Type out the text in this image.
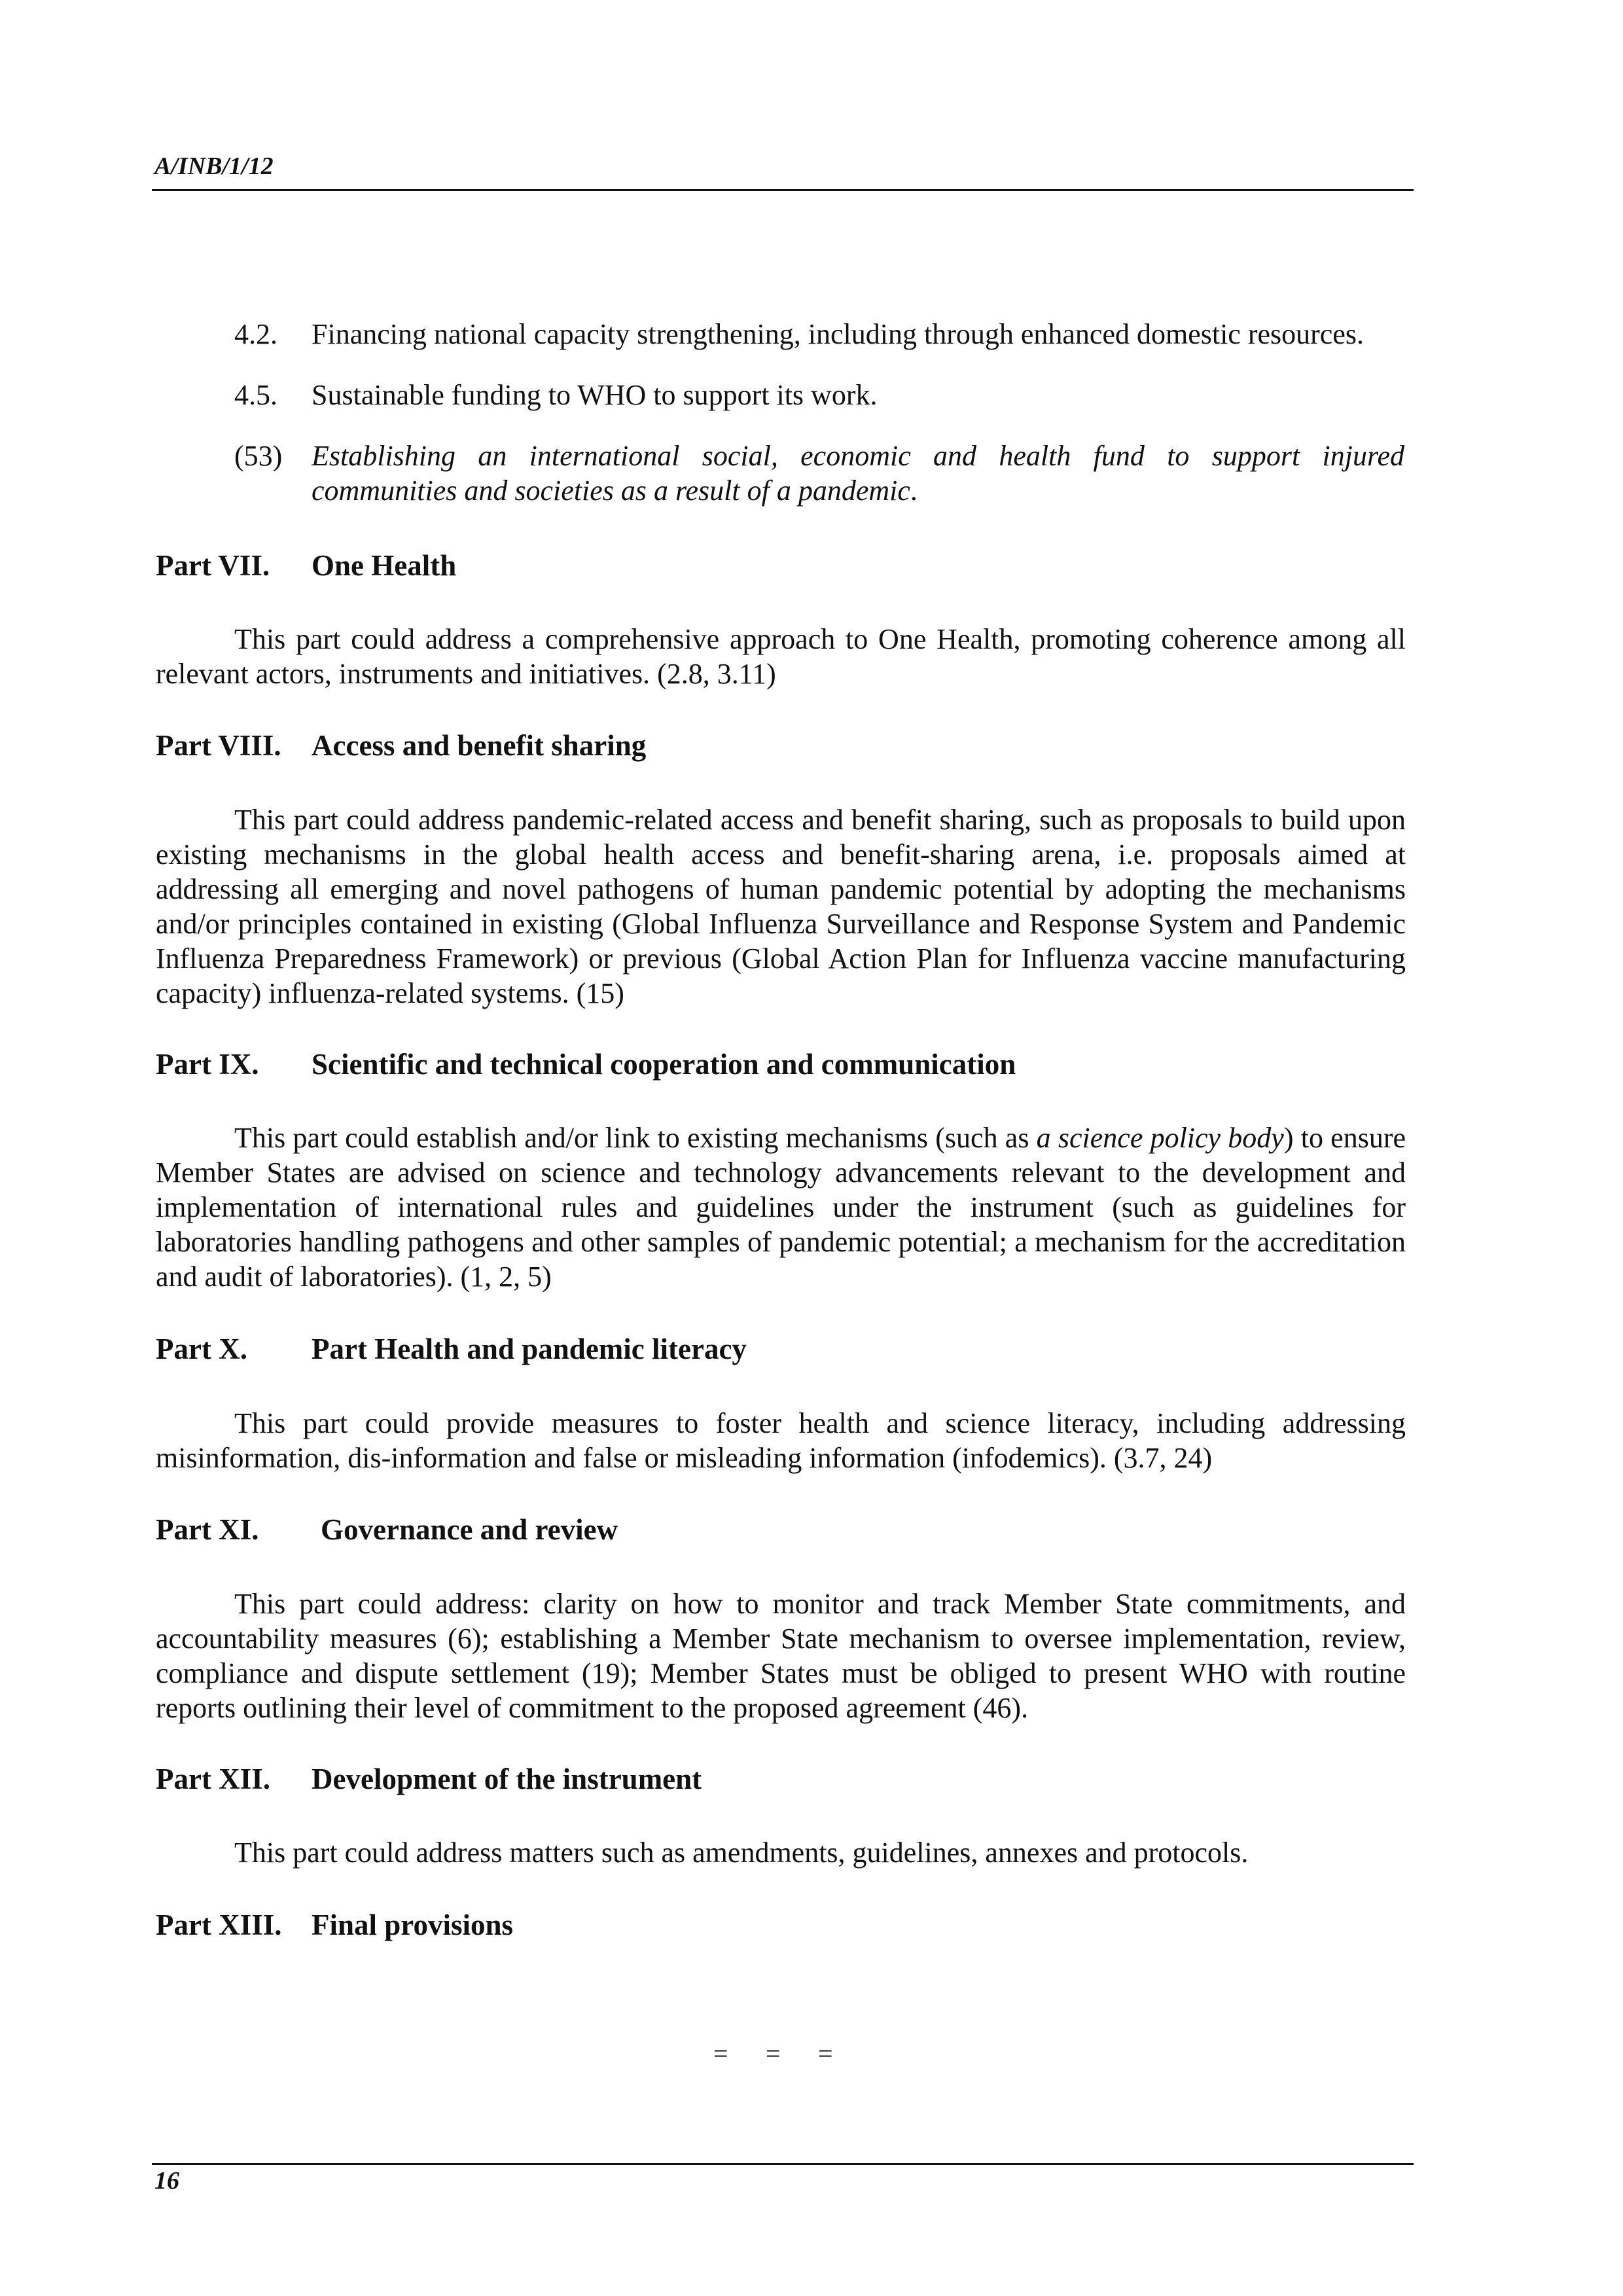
A/INB/1/12
4.2. Financing national capacity strengthening, including through enhanced domestic resources.
4.5. Sustainable funding to WHO to support its work.
(53) Establishing an international social, economic and health fund to support injured communities and societies as a result of a pandemic.
Part VII. One Health
This part could address a comprehensive approach to One Health, promoting coherence among all relevant actors, instruments and initiatives. (2.8, 3.11)
Part VIII. Access and benefit sharing
This part could address pandemic-related access and benefit sharing, such as proposals to build upon existing mechanisms in the global health access and benefit-sharing arena, i.e. proposals aimed at addressing all emerging and novel pathogens of human pandemic potential by adopting the mechanisms and/or principles contained in existing (Global Influenza Surveillance and Response System and Pandemic Influenza Preparedness Framework) or previous (Global Action Plan for Influenza vaccine manufacturing capacity) influenza-related systems. (15)
Part IX. Scientific and technical cooperation and communication
This part could establish and/or link to existing mechanisms (such as a science policy body) to ensure Member States are advised on science and technology advancements relevant to the development and implementation of international rules and guidelines under the instrument (such as guidelines for laboratories handling pathogens and other samples of pandemic potential; a mechanism for the accreditation and audit of laboratories). (1, 2, 5)
Part X. Part Health and pandemic literacy
This part could provide measures to foster health and science literacy, including addressing misinformation, dis-information and false or misleading information (infodemics). (3.7, 24)
Part XI. Governance and review
This part could address: clarity on how to monitor and track Member State commitments, and accountability measures (6); establishing a Member State mechanism to oversee implementation, review, compliance and dispute settlement (19); Member States must be obliged to present WHO with routine reports outlining their level of commitment to the proposed agreement (46).
Part XII. Development of the instrument
This part could address matters such as amendments, guidelines, annexes and protocols.
Part XIII. Final provisions
= = =
16
